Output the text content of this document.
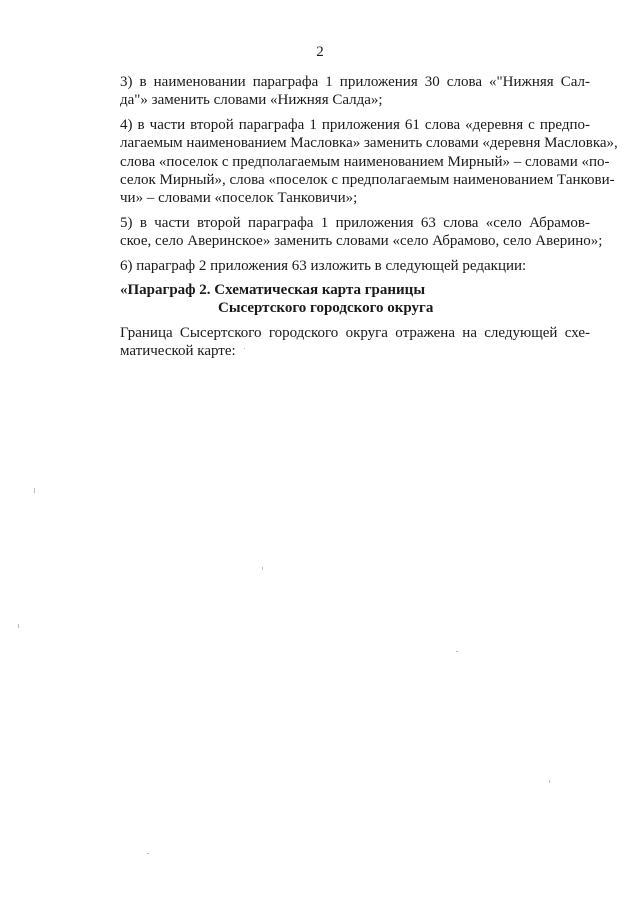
2

3) в наименовании параграфа 1 приложения 30 слова «"Нижняя Сал-
да"» заменить словами «Нижняя Салда»;

4) в части второй параграфа 1 приложения 61 слова «деревня с предпо-
лагаемым наименованием Масловка» заменить словами «деревня Масловка»,
слова «поселок с предполагаемым наименованием Мирный» – словами «по-
селок Мирный», слова «поселок с предполагаемым наименованием Танкови-
чи» – словами «поселок Танковичи»;

5) в части второй параграфа 1 приложения 63 слова «село Абрамов-
ское, село Аверинское» заменить словами «село Абрамово, село Аверино»;

6) параграф 2 приложения 63 изложить в следующей редакции:

«Параграф 2. Схематическая карта границы
Сысертского городского округа

Граница Сысертского городского округа отражена на следующей схе-
матической карте:
